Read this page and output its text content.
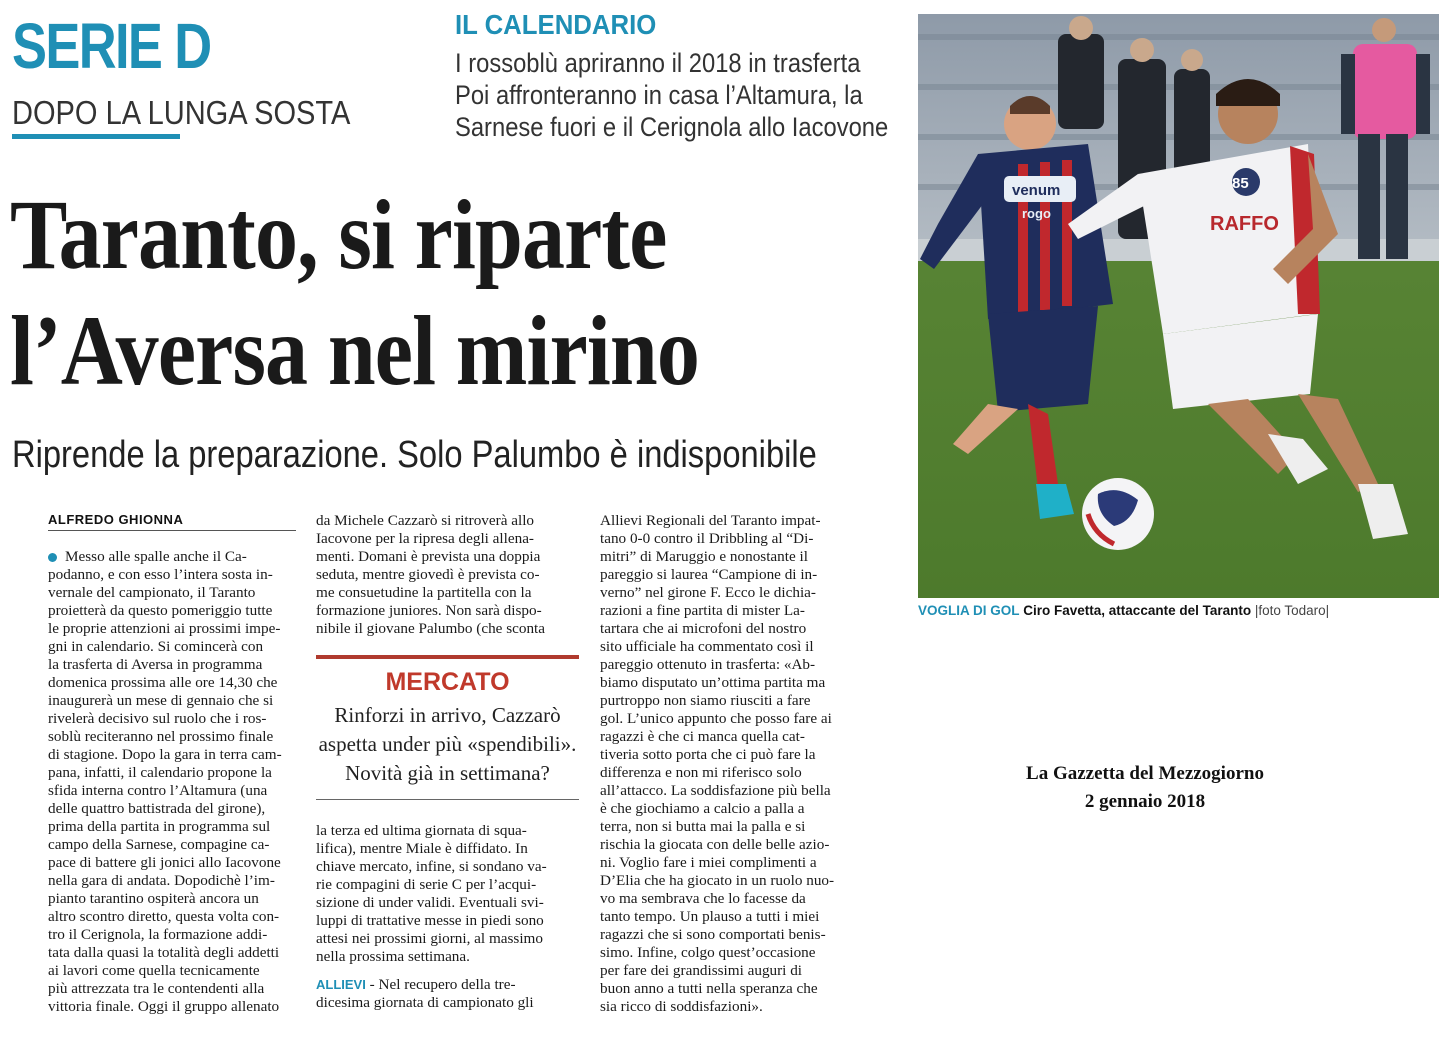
SERIE D
DOPO LA LUNGA SOSTA
IL CALENDARIO
I rossoblù apriranno il 2018 in trasferta
Poi affronteranno in casa l’Altamura, la
Sarnese fuori e il Cerignola allo Iacovone
Taranto, si riparte
l’Aversa nel mirino
Riprende la preparazione. Solo Palumbo è indisponibile
ALFREDO GHIONNA
Messo alle spalle anche il Ca-
podanno, e con esso l’intera sosta in-
vernale del campionato, il Taranto
proietterà da questo pomeriggio tutte
le proprie attenzioni ai prossimi impe-
gni in calendario. Si comincerà con
la trasferta di Aversa in programma
domenica prossima alle ore 14,30 che
inaugurerà un mese di gennaio che si
rivelerà decisivo sul ruolo che i ros-
soblù reciteranno nel prossimo finale
di stagione. Dopo la gara in terra cam-
pana, infatti, il calendario propone la
sfida interna contro l’Altamura (una
delle quattro battistrada del girone),
prima della partita in programma sul
campo della Sarnese, compagine ca-
pace di battere gli jonici allo Iacovone
nella gara di andata. Dopodichè l’im-
pianto tarantino ospiterà ancora un
altro scontro diretto, questa volta con-
tro il Cerignola, la formazione addi-
tata dalla quasi la totalità degli addetti
ai lavori come quella tecnicamente
più attrezzata tra le contendenti alla
vittoria finale. Oggi il gruppo allenato
da Michele Cazzarò si ritroverà allo
Iacovone per la ripresa degli allena-
menti. Domani è prevista una doppia
seduta, mentre giovedì è prevista co-
me consuetudine la partitella con la
formazione juniores. Non sarà dispo-
nibile il giovane Palumbo (che sconta
MERCATO
Rinforzi in arrivo, Cazzarò
aspetta under più «spendibili».
Novità già in settimana?
la terza ed ultima giornata di squa-
lifica), mentre Miale è diffidato. In
chiave mercato, infine, si sondano va-
rie compagini di serie C per l’acqui-
sizione di under validi. Eventuali svi-
luppi di trattative messe in piedi sono
attesi nei prossimi giorni, al massimo
nella prossima settimana.
ALLIEVI - Nel recupero della tre-
dicesima giornata di campionato gli
Allievi Regionali del Taranto impat-
tano 0-0 contro il Dribbling al “Di-
mitri” di Maruggio e nonostante il
pareggio si laurea “Campione di in-
verno” nel girone F. Ecco le dichia-
razioni a fine partita di mister La-
tartara che ai microfoni del nostro
sito ufficiale ha commentato così il
pareggio ottenuto in trasferta: «Ab-
biamo disputato un’ottima partita ma
purtroppo non siamo riusciti a fare
gol. L’unico appunto che posso fare ai
ragazzi è che ci manca quella cat-
tiveria sotto porta che ci può fare la
differenza e non mi riferisco solo
all’attacco. La soddisfazione più bella
è che giochiamo a calcio a palla a
terra, non si butta mai la palla e si
rischia la giocata con delle belle azio-
ni. Voglio fare i miei complimenti a
D’Elia che ha giocato in un ruolo nuo-
vo ma sembrava che lo facesse da
tanto tempo. Un plauso a tutti i miei
ragazzi che si sono comportati benis-
simo. Infine, colgo quest’occasione
per fare dei grandissimi auguri di
buon anno a tutti nella speranza che
sia ricco di soddisfazioni».
venum
rogo
85
RAFFO
VOGLIA DI GOL Ciro Favetta, attaccante del Taranto |foto Todaro|
La Gazzetta del Mezzogiorno
2 gennaio 2018
